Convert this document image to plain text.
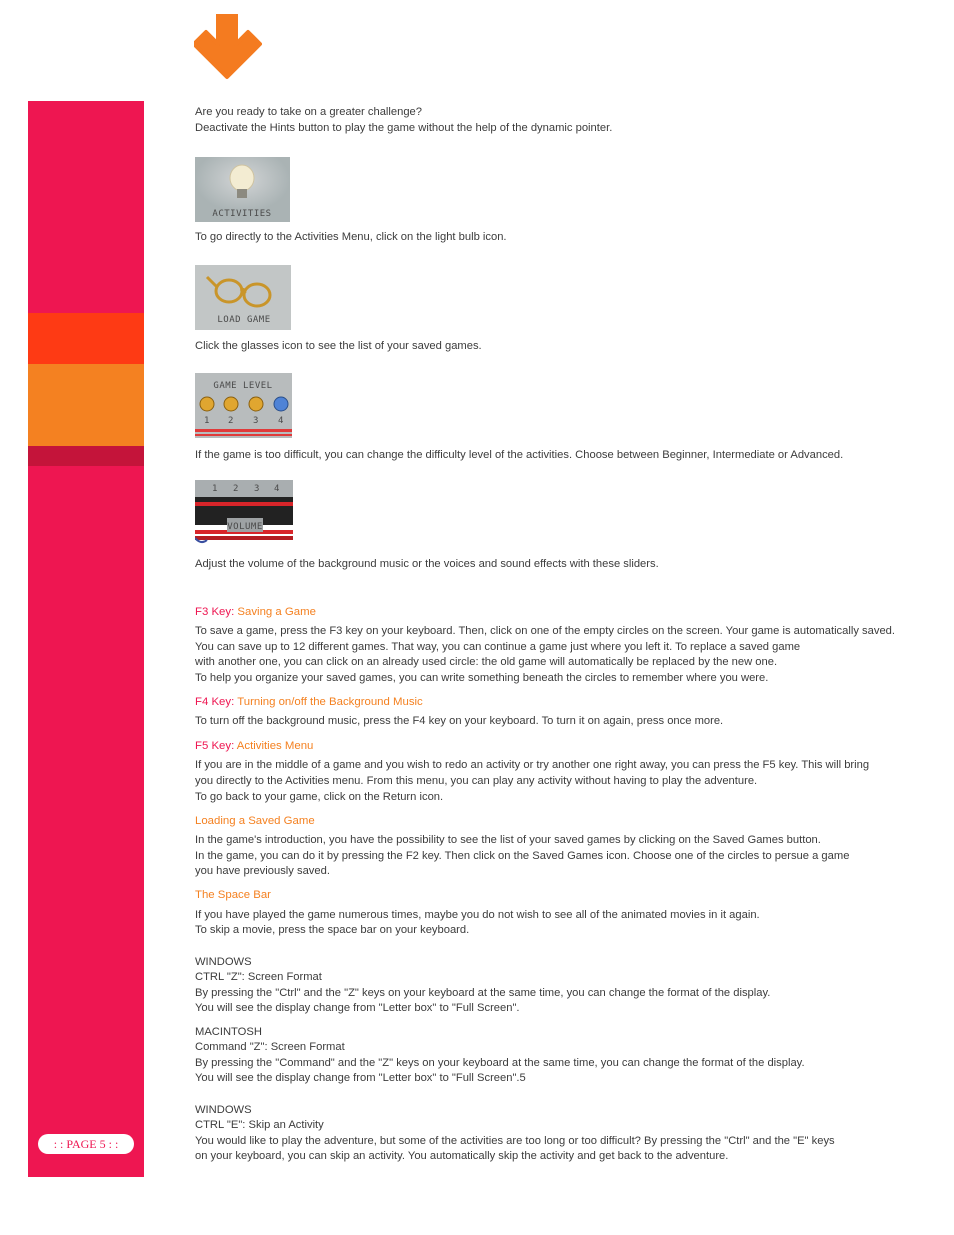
: : PAGE 5 : :
Are you ready to take on a greater challenge?
Deactivate the Hints button to play the game without the help of the dynamic pointer.
ACTIVITIES
To go directly to the Activities Menu, click on the light bulb icon.
LOAD GAME
Click the glasses icon to see the list of your saved games.
GAME LEVEL
1 2 3 4
If the game is too difficult, you can change the difficulty level of the activities. Choose between Beginner, Intermediate or Advanced.
1 2 3 4
VOLUME
Adjust the volume of the background music or the voices and sound effects with these sliders.
F3 Key: Saving a Game
To save a game, press the F3 key on your keyboard. Then, click on one of the empty circles on the screen. Your game is automatically saved.
You can save up to 12 different games. That way, you can continue a game just where you left it. To replace a saved game
with another one, you can click on an already used circle: the old game will automatically be replaced by the new one.
To help you organize your saved games, you can write something beneath the circles to remember where you were.
F4 Key: Turning on/off the Background Music
To turn off the background music, press the F4 key on your keyboard. To turn it on again, press once more.
F5 Key: Activities Menu
If you are in the middle of a game and you wish to redo an activity or try another one right away, you can press the F5 key. This will bring
you directly to the Activities menu. From this menu, you can play any activity without having to play the adventure.
To go back to your game, click on the Return icon.
Loading a Saved Game
In the game's introduction, you have the possibility to see the list of your saved games by clicking on the Saved Games button.
In the game, you can do it by pressing the F2 key. Then click on the Saved Games icon. Choose one of the circles to persue a game
you have previously saved.
The Space Bar
If you have played the game numerous times, maybe you do not wish to see all of the animated movies in it again.
To skip a movie, press the space bar on your keyboard.
WINDOWS
CTRL "Z": Screen Format
By pressing the "Ctrl" and the "Z" keys on your keyboard at the same time, you can change the format of the display.
You will see the display change from "Letter box" to "Full Screen".
MACINTOSH
Command "Z": Screen Format
By pressing the "Command" and the "Z" keys on your keyboard at the same time, you can change the format of the display.
You will see the display change from "Letter box" to "Full Screen".5
WINDOWS
CTRL "E": Skip an Activity
You would like to play the adventure, but some of the activities are too long or too difficult? By pressing the "Ctrl" and the "E" keys
on your keyboard, you can skip an activity. You automatically skip the activity and get back to the adventure.
